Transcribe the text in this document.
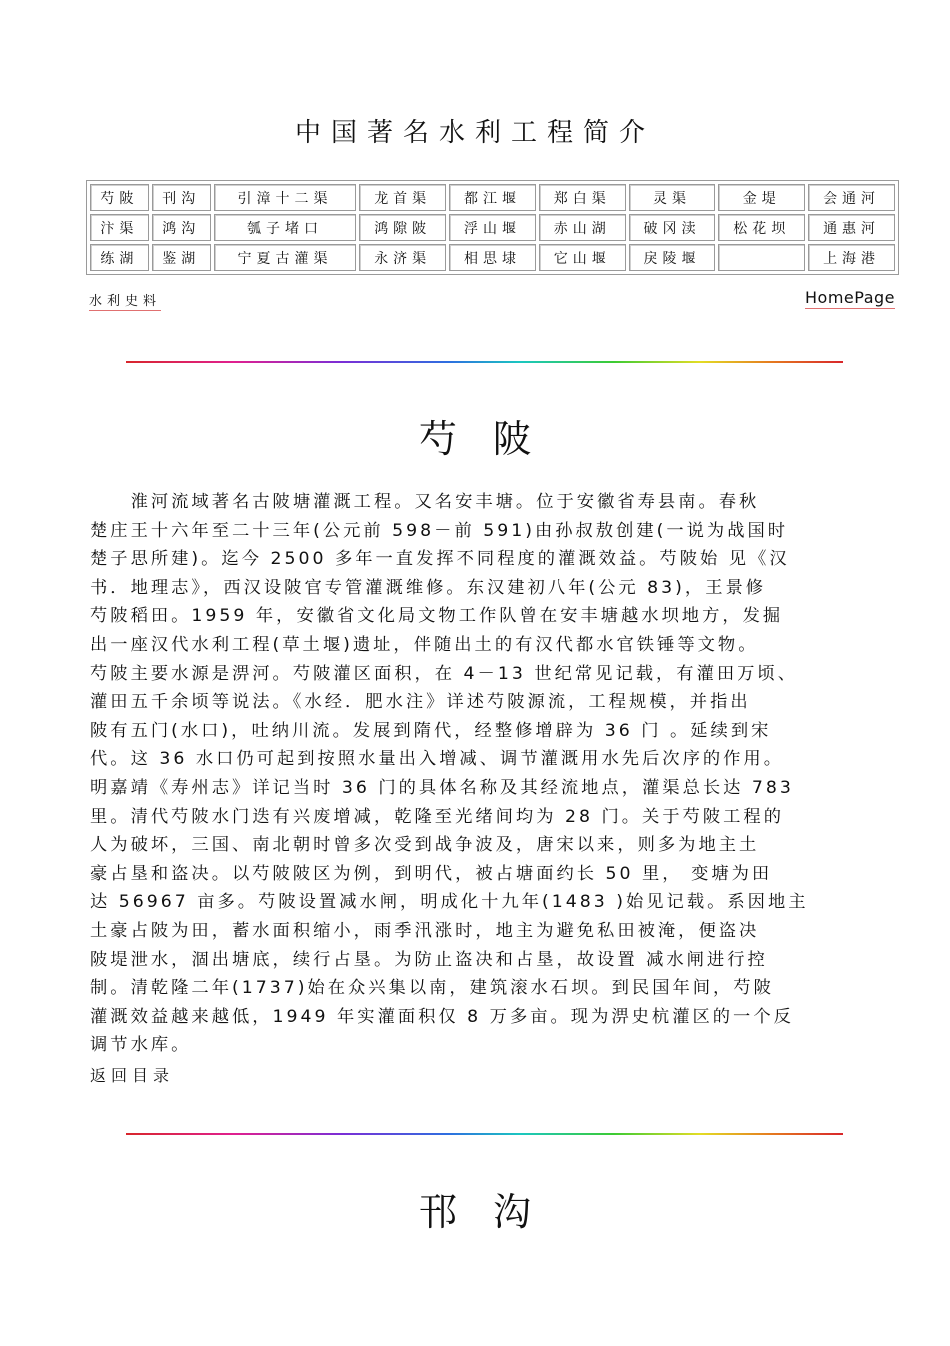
中国著名水利工程简介
芍陂	刊沟	引漳十二渠	龙首渠	都江堰	郑白渠	灵渠	金堤	会通河
汴渠	鸿沟	瓠子堵口	鸿隙陂	浮山堰	赤山湖	破冈渎	松花坝	通惠河
练湖	鉴湖	宁夏古灌渠	永济渠	相思埭	它山堰	戾陵堰		上海港
水利史料	HomePage
芍陂
　　淮河流域著名古陂塘灌溉工程。又名安丰塘。位于安徽省寿县南。春秋
楚庄王十六年至二十三年(公元前 598－前 591)由孙叔敖创建(一说为战国时
楚子思所建)。迄今 2500 多年一直发挥不同程度的灌溉效益。芍陂始 见《汉
书．地理志》，西汉设陂官专管灌溉维修。东汉建初八年(公元 83)，王景修
芍陂稻田。1959 年，安徽省文化局文物工作队曾在安丰塘越水坝地方，发掘
出一座汉代水利工程(草土堰)遗址，伴随出土的有汉代都水官铁锤等文物。
芍陂主要水源是淠河。芍陂灌区面积，在 4－13 世纪常见记载，有灌田万顷、
灌田五千余顷等说法。《水经．肥水注》详述芍陂源流，工程规模，并指出
陂有五门(水口)，吐纳川流。发展到隋代，经整修增辟为 36 门 。延续到宋
代。这 36 水口仍可起到按照水量出入增减、调节灌溉用水先后次序的作用。
明嘉靖《寿州志》详记当时 36 门的具体名称及其经流地点，灌渠总长达 783
里。清代芍陂水门迭有兴废增减，乾隆至光绪间均为 28 门。关于芍陂工程的
人为破坏，三国、南北朝时曾多次受到战争波及，唐宋以来，则多为地主土
豪占垦和盗决。以芍陂陂区为例，到明代，被占塘面约长 50 里， 变塘为田
达 56967 亩多。芍陂设置减水闸，明成化十九年(1483 )始见记载。系因地主
土豪占陂为田，蓄水面积缩小，雨季汛涨时，地主为避免私田被淹，便盗决
陂堤泄水，涸出塘底，续行占垦。为防止盗决和占垦，故设置 减水闸进行控
制。清乾隆二年(1737)始在众兴集以南，建筑滚水石坝。到民国年间，芍陂
灌溉效益越来越低，1949 年实灌面积仅 8 万多亩。现为淠史杭灌区的一个反
调节水库。
返回目录
邗沟
